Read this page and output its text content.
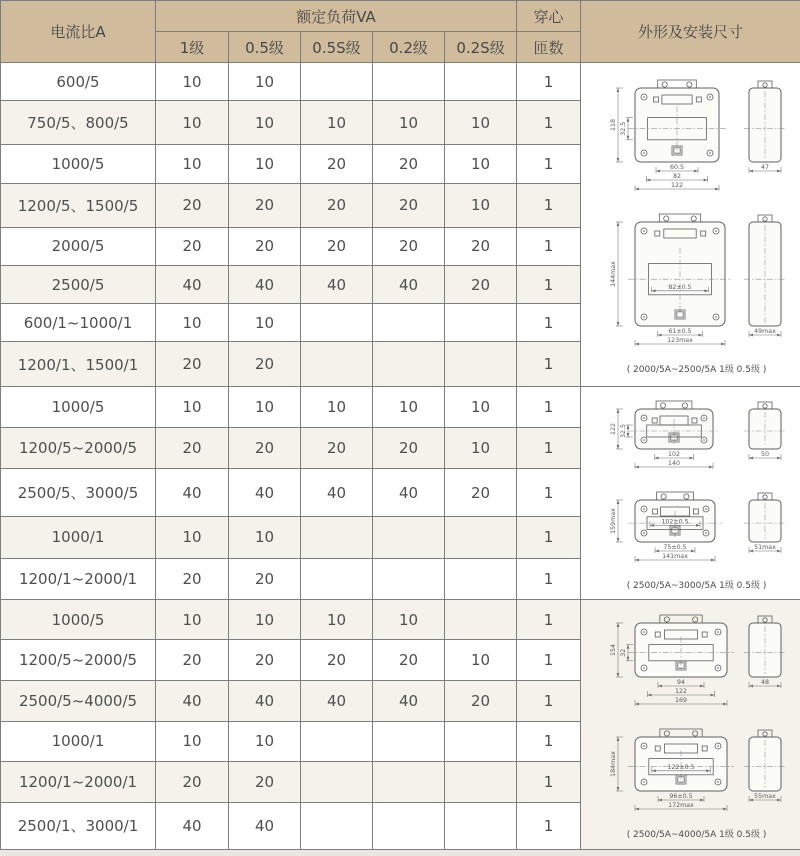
电流比A	额定负荷VA					穿心	外形及安装尺寸
	1级	0.5级	0.5S级	0.2级	0.2S级	匝数	
600/5	10	10				1	
118 32.5
60.5
82
122
47
82±0.5
144max
61±0.5
123max
49max
( 2000/5A~2500/5A 1级 0.5级 )

750/5、800/5	10	10	10	10	10	1	
1000/5	10	10	20	20	10	1	
1200/5、1500/5	20	20	20	20	10	1	
2000/5	20	20	20	20	20	1	
2500/5	40	40	40	40	20	1	
600/1~1000/1	10	10				1	
1200/1、1500/1	20	20				1	
1000/5	10	10	10	10	10	1	
122 32.5
102
140
50
102±0.5
159max
75±0.5
141max
51max
( 2500/5A~3000/5A 1级 0.5级 )

1200/5~2000/5	20	20	20	20	10	1	
2500/5、3000/5	40	40	40	40	20	1	
1000/1	10	10				1	
1200/1~2000/1	20	20				1	
1000/5	10	10	10	10		1	
154 32
94
122
169
48
122±0.5
184max
96±0.5
172max
55max
( 2500/5A~4000/5A 1级 0.5级 )

1200/5~2000/5	20	20	20	20	10	1	
2500/5~4000/5	40	40	40	40	20	1	
1000/1	10	10				1	
1200/1~2000/1	20	20				1	
2500/1、3000/1	40	40				1	
